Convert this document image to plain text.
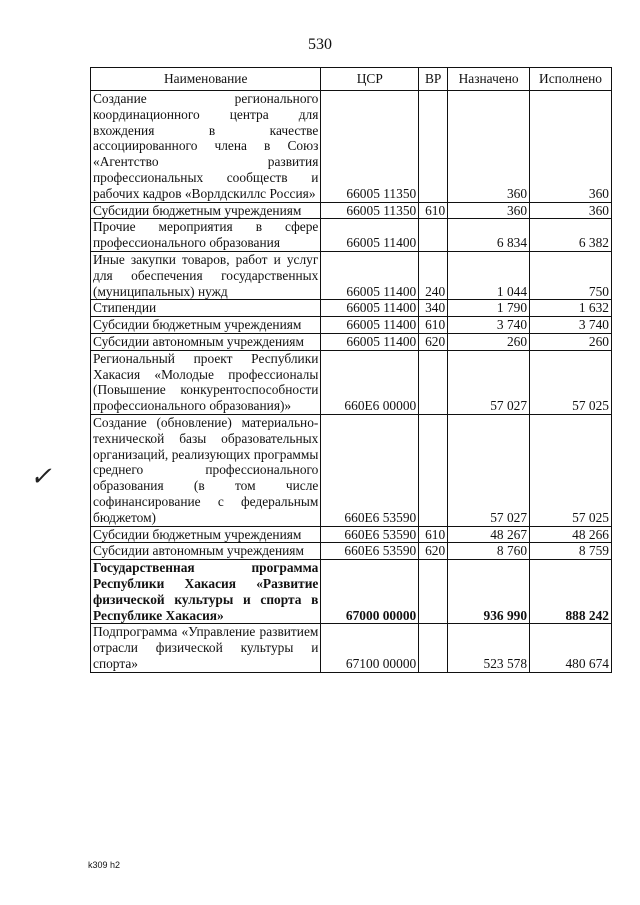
530
Наименование	ЦСР	ВР	Назначено	Исполнено
Создание регионального координационного центра для вхождения в качестве ассоциированного члена в Союз «Агентство развития профессиональных сообществ и рабочих кадров «Ворлдскиллс Россия»	66005 11350		360	360
Субсидии бюджетным учреждениям	66005 11350	610	360	360
Прочие мероприятия в сфере профессионального образования	66005 11400		6 834	6 382
Иные закупки товаров, работ и услуг для обеспечения государственных (муниципальных) нужд	66005 11400	240	1 044	750
Стипендии	66005 11400	340	1 790	1 632
Субсидии бюджетным учреждениям	66005 11400	610	3 740	3 740
Субсидии автономным учреждениям	66005 11400	620	260	260
Региональный проект Республики Хакасия «Молодые профессионалы (Повышение конкурентоспособности профессионального образования)»	660E6 00000		57 027	57 025
Создание (обновление) материально-технической базы образовательных организаций, реализующих программы среднего профессионального образования (в том числе софинансирование с федеральным бюджетом)	660E6 53590		57 027	57 025
Субсидии бюджетным учреждениям	660E6 53590	610	48 267	48 266
Субсидии автономным учреждениям	660E6 53590	620	8 760	8 759
Государственная программа Республики Хакасия «Развитие физической культуры и спорта в Республике Хакасия»	67000 00000		936 990	888 242
Подпрограмма «Управление развитием отрасли физической культуры и спорта»	67100 00000		523 578	480 674
✓
k309 h2
